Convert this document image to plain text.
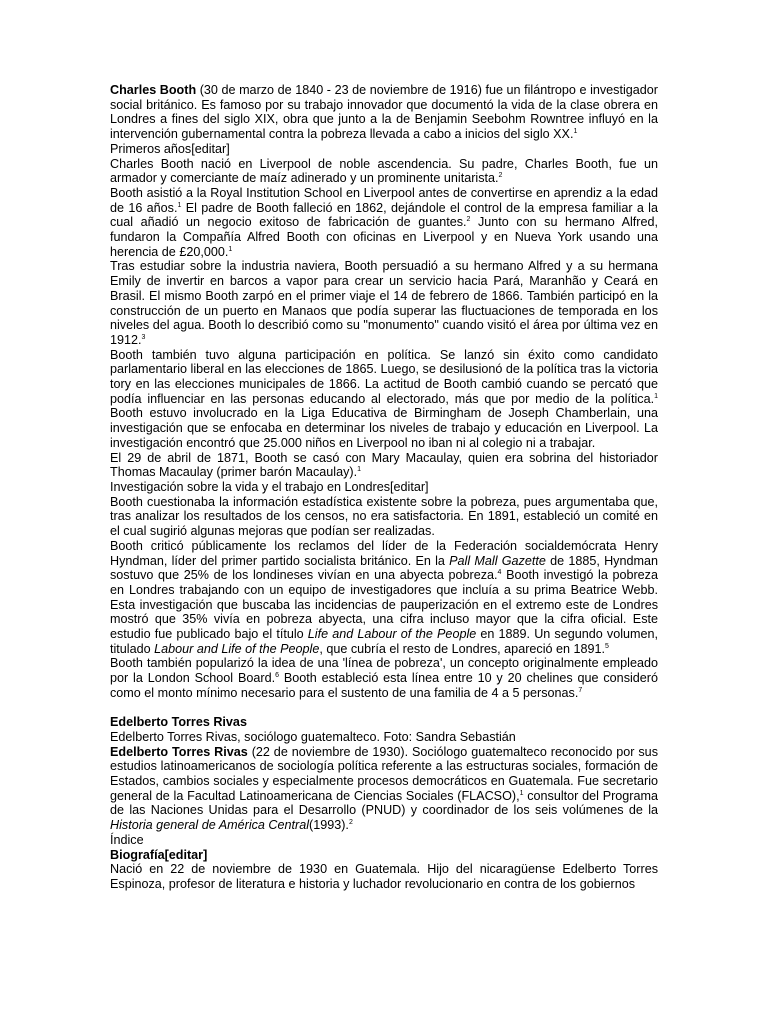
Charles Booth (30 de marzo de 1840 - 23 de noviembre de 1916) fue un filántropo e investigador social británico. Es famoso por su trabajo innovador que documentó la vida de la clase obrera en Londres a fines del siglo XIX, obra que junto a la de Benjamin Seebohm Rowntree influyó en la intervención gubernamental contra la pobreza llevada a cabo a inicios del siglo XX.$^1$

Primeros años[editar]

Charles Booth nació en Liverpool de noble ascendencia. Su padre, Charles Booth, fue un armador y comerciante de maíz adinerado y un prominente unitarista.$^2$

Booth asistió a la Royal Institution School en Liverpool antes de convertirse en aprendiz a la edad de 16 años.$^1$ El padre de Booth falleció en 1862, dejándole el control de la empresa familiar a la cual añadió un negocio exitoso de fabricación de guantes.$^2$ Junto con su hermano Alfred, fundaron la Compañía Alfred Booth con oficinas en Liverpool y en Nueva York usando una herencia de £20,000.$^1$

Tras estudiar sobre la industria naviera, Booth persuadió a su hermano Alfred y a su hermana Emily de invertir en barcos a vapor para crear un servicio hacia Pará, Maranhão y Ceará en Brasil. El mismo Booth zarpó en el primer viaje el 14 de febrero de 1866. También participó en la construcción de un puerto en Manaos que podía superar las fluctuaciones de temporada en los niveles del agua. Booth lo describió como su "monumento" cuando visitó el área por última vez en 1912.$^3$

Booth también tuvo alguna participación en política. Se lanzó sin éxito como candidato parlamentario liberal en las elecciones de 1865. Luego, se desilusionó de la política tras la victoria tory en las elecciones municipales de 1866. La actitud de Booth cambió cuando se percató que podía influenciar en las personas educando al electorado, más que por medio de la política.$^1$ Booth estuvo involucrado en la Liga Educativa de Birmingham de Joseph Chamberlain, una investigación que se enfocaba en determinar los niveles de trabajo y educación en Liverpool. La investigación encontró que 25.000 niños en Liverpool no iban ni al colegio ni a trabajar.

El 29 de abril de 1871, Booth se casó con Mary Macaulay, quien era sobrina del historiador Thomas Macaulay (primer barón Macaulay).$^1$

Investigación sobre la vida y el trabajo en Londres[editar]

Booth cuestionaba la información estadística existente sobre la pobreza, pues argumentaba que, tras analizar los resultados de los censos, no era satisfactoria. En 1891, estableció un comité en el cual sugirió algunas mejoras que podían ser realizadas.

Booth criticó públicamente los reclamos del líder de la Federación socialdemócrata Henry Hyndman, líder del primer partido socialista británico. En la Pall Mall Gazette de 1885, Hyndman sostuvo que 25% de los londineses vivían en una abyecta pobreza.$^4$ Booth investigó la pobreza en Londres trabajando con un equipo de investigadores que incluía a su prima Beatrice Webb. Esta investigación que buscaba las incidencias de pauperización en el extremo este de Londres mostró que 35% vivía en pobreza abyecta, una cifra incluso mayor que la cifra oficial. Este estudio fue publicado bajo el título Life and Labour of the People en 1889. Un segundo volumen, titulado Labour and Life of the People, que cubría el resto de Londres, apareció en 1891.$^5$

Booth también popularizó la idea de una 'línea de pobreza', un concepto originalmente empleado por la London School Board.$^6$ Booth estableció esta línea entre 10 y 20 chelines que consideró como el monto mínimo necesario para el sustento de una familia de 4 a 5 personas.$^7$

Edelberto Torres Rivas

Edelberto Torres Rivas, sociólogo guatemalteco. Foto: Sandra Sebastián

Edelberto Torres Rivas (22 de noviembre de 1930). Sociólogo guatemalteco reconocido por sus estudios latinoamericanos de sociología política referente a las estructuras sociales, formación de Estados, cambios sociales y especialmente procesos democráticos en Guatemala. Fue secretario general de la Facultad Latinoamericana de Ciencias Sociales (FLACSO),$^1$ consultor del Programa de las Naciones Unidas para el Desarrollo (PNUD) y coordinador de los seis volúmenes de la Historia general de América Central(1993).$^2$

Índice

Biografía[editar]

Nació en 22 de noviembre de 1930 en Guatemala. Hijo del nicaragüense Edelberto Torres Espinoza, profesor de literatura e historia y luchador revolucionario en contra de los gobiernos
